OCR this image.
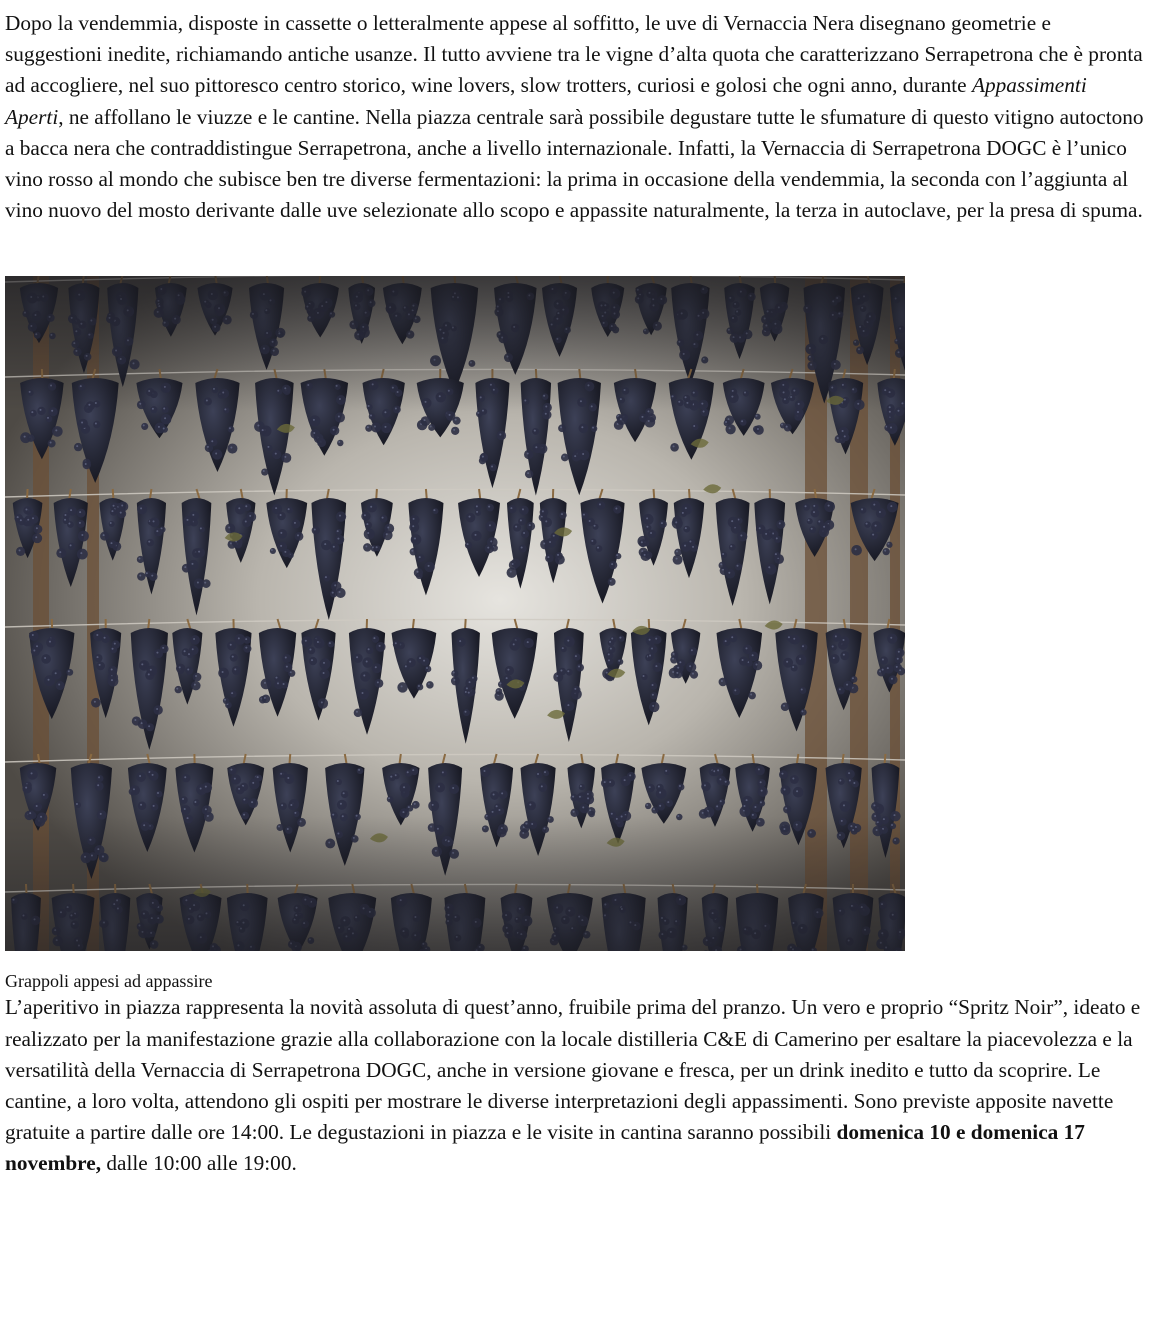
Dopo la vendemmia, disposte in cassette o letteralmente appese al soffitto, le uve di Vernaccia Nera disegnano geometrie e suggestioni inedite, richiamando antiche usanze. Il tutto avviene tra le vigne d’alta quota che caratterizzano Serrapetrona che è pronta ad accogliere, nel suo pittoresco centro storico, wine lovers, slow trotters, curiosi e golosi che ogni anno, durante Appassimenti Aperti, ne affollano le viuzze e le cantine. Nella piazza centrale sarà possibile degustare tutte le sfumature di questo vitigno autoctono a bacca nera che contraddistingue Serrapetrona, anche a livello internazionale. Infatti, la Vernaccia di Serrapetrona DOGC è l’unico vino rosso al mondo che subisce ben tre diverse fermentazioni: la prima in occasione della vendemmia, la seconda con l’aggiunta al vino nuovo del mosto derivante dalle uve selezionate allo scopo e appassite naturalmente, la terza in autoclave, per la presa di spuma.

Grappoli appesi ad appassire

L’aperitivo in piazza rappresenta la novità assoluta di quest’anno, fruibile prima del pranzo. Un vero e proprio “Spritz Noir”, ideato e realizzato per la manifestazione grazie alla collaborazione con la locale distilleria C&E di Camerino per esaltare la piacevolezza e la versatilità della Vernaccia di Serrapetrona DOGC, anche in versione giovane e fresca, per un drink inedito e tutto da scoprire. Le cantine, a loro volta, attendono gli ospiti per mostrare le diverse interpretazioni degli appassimenti. Sono previste apposite navette gratuite a partire dalle ore 14:00. Le degustazioni in piazza e le visite in cantina saranno possibili domenica 10 e domenica 17 novembre, dalle 10:00 alle 19:00.
